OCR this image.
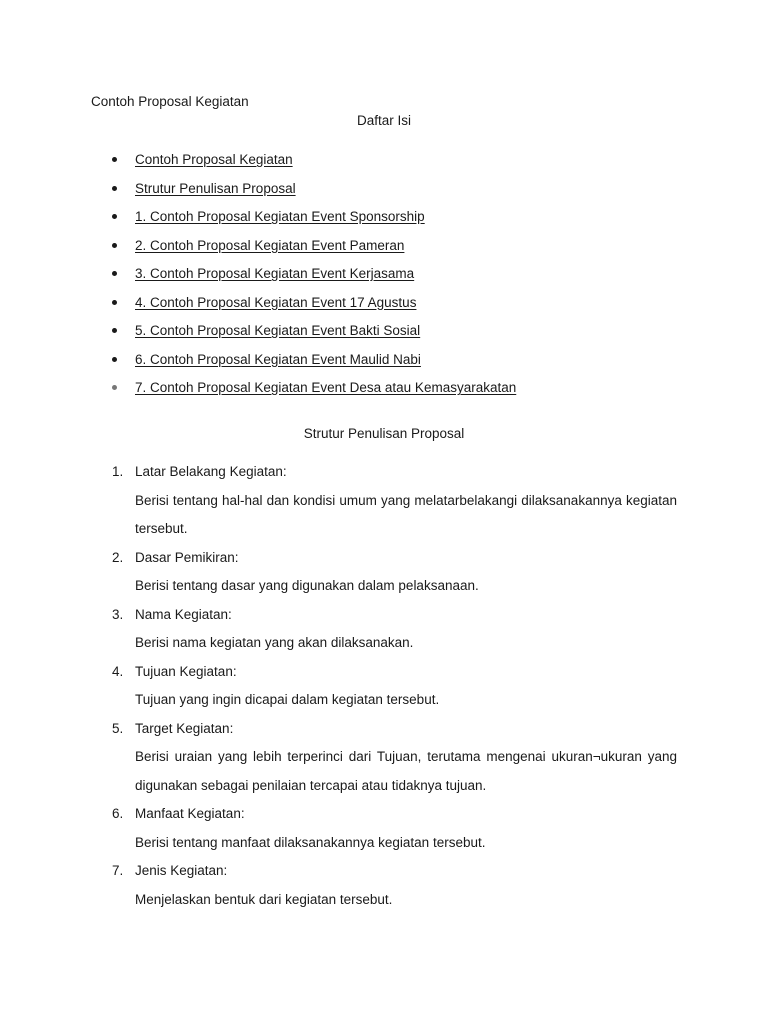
Contoh Proposal Kegiatan
Daftar Isi
Contoh Proposal Kegiatan
Strutur Penulisan Proposal
1. Contoh Proposal Kegiatan Event Sponsorship
2. Contoh Proposal Kegiatan Event Pameran
3. Contoh Proposal Kegiatan Event Kerjasama
4. Contoh Proposal Kegiatan Event 17 Agustus
5. Contoh Proposal Kegiatan Event Bakti Sosial
6. Contoh Proposal Kegiatan Event Maulid Nabi
7. Contoh Proposal Kegiatan Event Desa atau Kemasyarakatan
Strutur Penulisan Proposal
1. Latar Belakang Kegiatan:
Berisi tentang hal-hal dan kondisi umum yang melatarbelakangi dilaksanakannya kegiatan tersebut.
2. Dasar Pemikiran:
Berisi tentang dasar yang digunakan dalam pelaksanaan.
3. Nama Kegiatan:
Berisi nama kegiatan yang akan dilaksanakan.
4. Tujuan Kegiatan:
Tujuan yang ingin dicapai dalam kegiatan tersebut.
5. Target Kegiatan:
Berisi uraian yang lebih terperinci dari Tujuan, terutama mengenai ukuran¬ukuran yang digunakan sebagai penilaian tercapai atau tidaknya tujuan.
6. Manfaat Kegiatan:
Berisi tentang manfaat dilaksanakannya kegiatan tersebut.
7. Jenis Kegiatan:
Menjelaskan bentuk dari kegiatan tersebut.
